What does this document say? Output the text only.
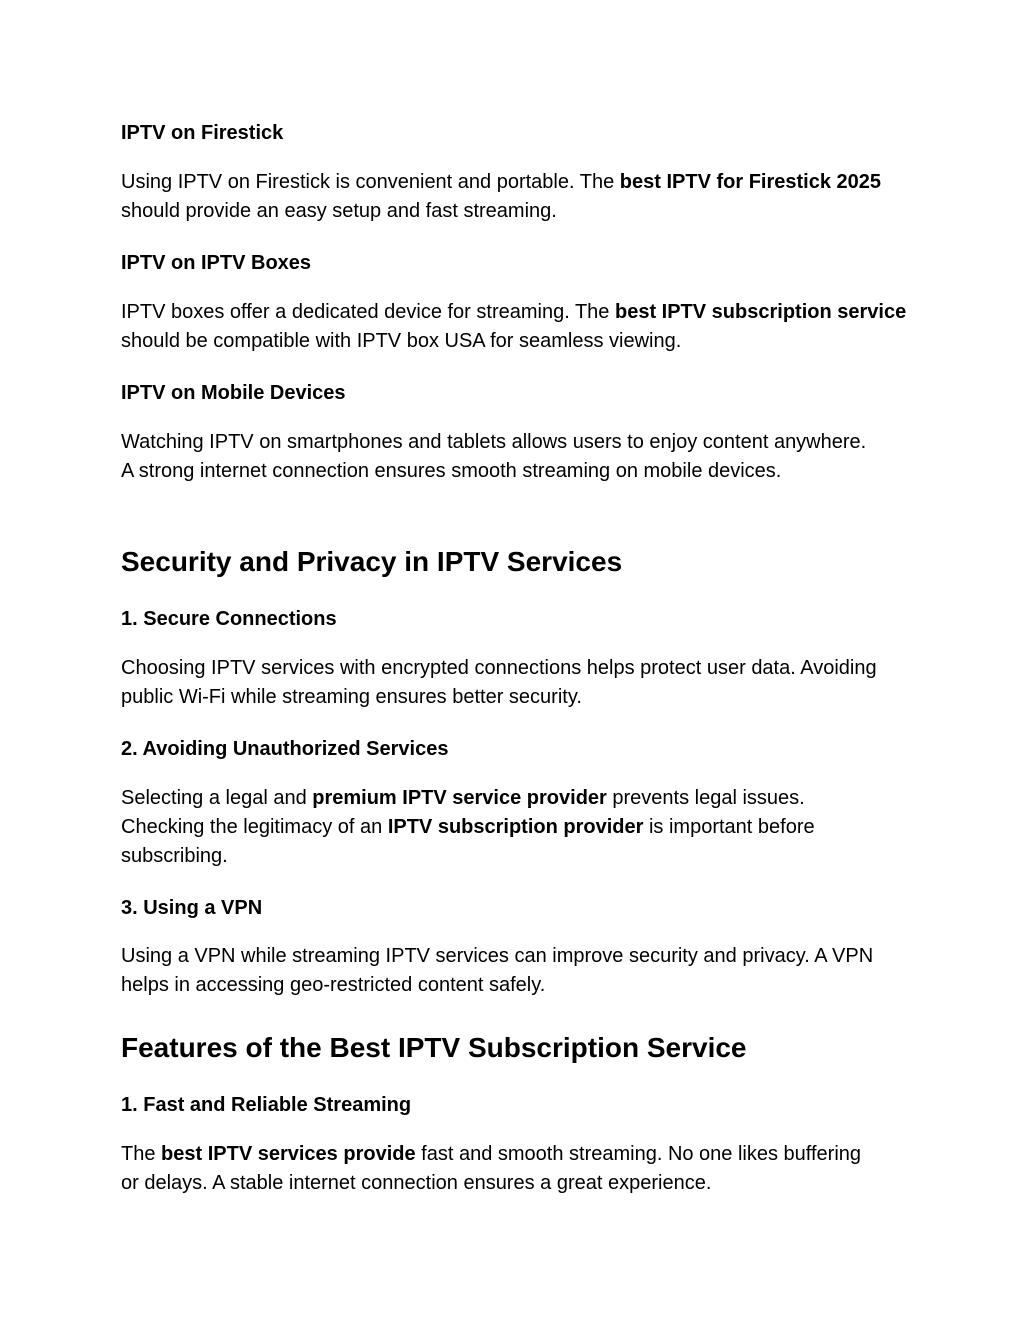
IPTV on Firestick
Using IPTV on Firestick is convenient and portable. The best IPTV for Firestick 2025 should provide an easy setup and fast streaming.
IPTV on IPTV Boxes
IPTV boxes offer a dedicated device for streaming. The best IPTV subscription service should be compatible with IPTV box USA for seamless viewing.
IPTV on Mobile Devices
Watching IPTV on smartphones and tablets allows users to enjoy content anywhere. A strong internet connection ensures smooth streaming on mobile devices.
Security and Privacy in IPTV Services
1. Secure Connections
Choosing IPTV services with encrypted connections helps protect user data. Avoiding public Wi-Fi while streaming ensures better security.
2. Avoiding Unauthorized Services
Selecting a legal and premium IPTV service provider prevents legal issues. Checking the legitimacy of an IPTV subscription provider is important before subscribing.
3. Using a VPN
Using a VPN while streaming IPTV services can improve security and privacy. A VPN helps in accessing geo-restricted content safely.
Features of the Best IPTV Subscription Service
1. Fast and Reliable Streaming
The best IPTV services provide fast and smooth streaming. No one likes buffering or delays. A stable internet connection ensures a great experience.
